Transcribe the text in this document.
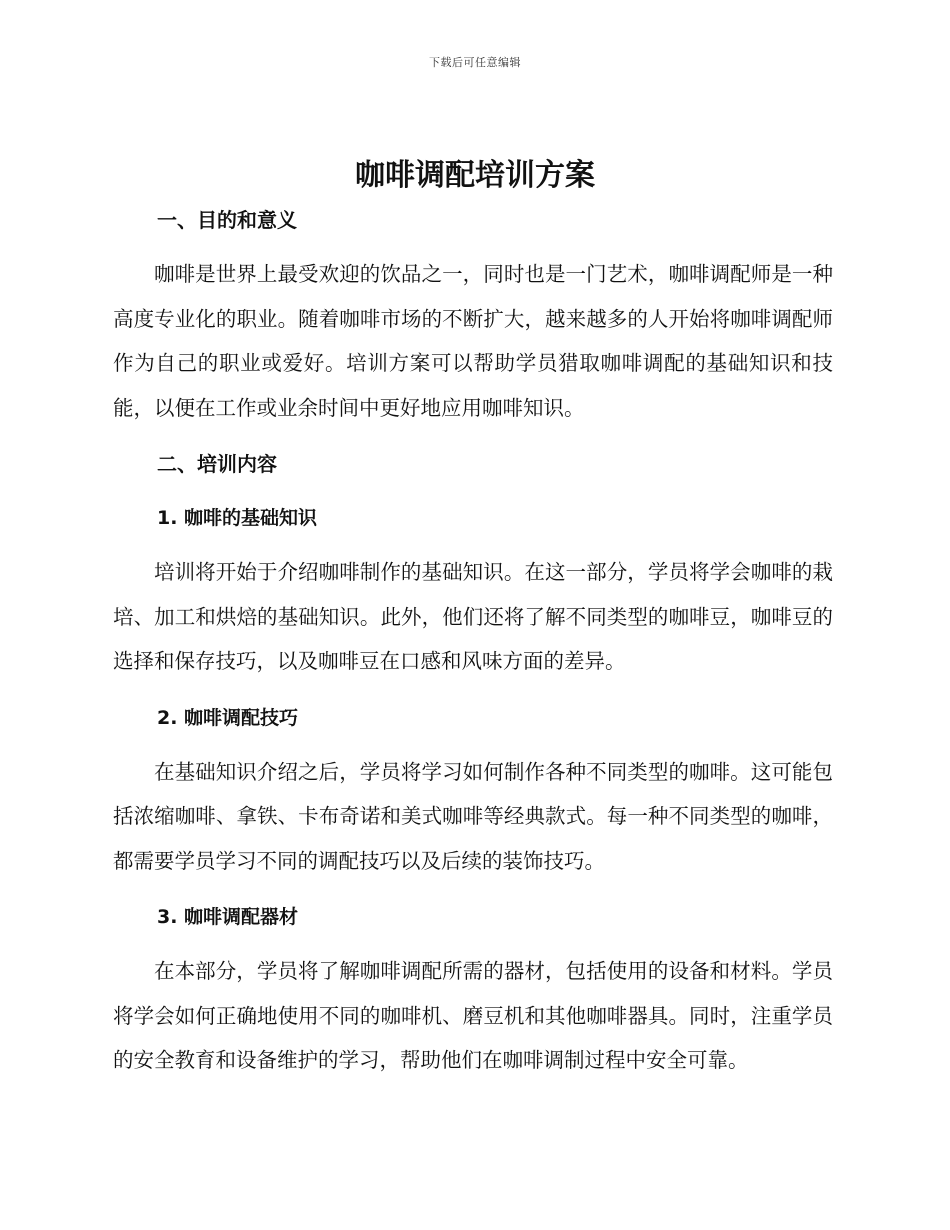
下载后可任意编辑
咖啡调配培训方案
一、目的和意义

咖啡是世界上最受欢迎的饮品之一，同时也是一门艺术，咖啡调配师是一种高度专业化的职业。随着咖啡市场的不断扩大，越来越多的人开始将咖啡调配师作为自己的职业或爱好。培训方案可以帮助学员猎取咖啡调配的基础知识和技能，以便在工作或业余时间中更好地应用咖啡知识。

二、培训内容
1. 咖啡的基础知识

培训将开始于介绍咖啡制作的基础知识。在这一部分，学员将学会咖啡的栽培、加工和烘焙的基础知识。此外，他们还将了解不同类型的咖啡豆，咖啡豆的选择和保存技巧，以及咖啡豆在口感和风味方面的差异。

2. 咖啡调配技巧

在基础知识介绍之后，学员将学习如何制作各种不同类型的咖啡。这可能包括浓缩咖啡、拿铁、卡布奇诺和美式咖啡等经典款式。每一种不同类型的咖啡，都需要学员学习不同的调配技巧以及后续的装饰技巧。

3. 咖啡调配器材

在本部分，学员将了解咖啡调配所需的器材，包括使用的设备和材料。学员将学会如何正确地使用不同的咖啡机、磨豆机和其他咖啡器具。同时，注重学员的安全教育和设备维护的学习，帮助他们在咖啡调制过程中安全可靠。
